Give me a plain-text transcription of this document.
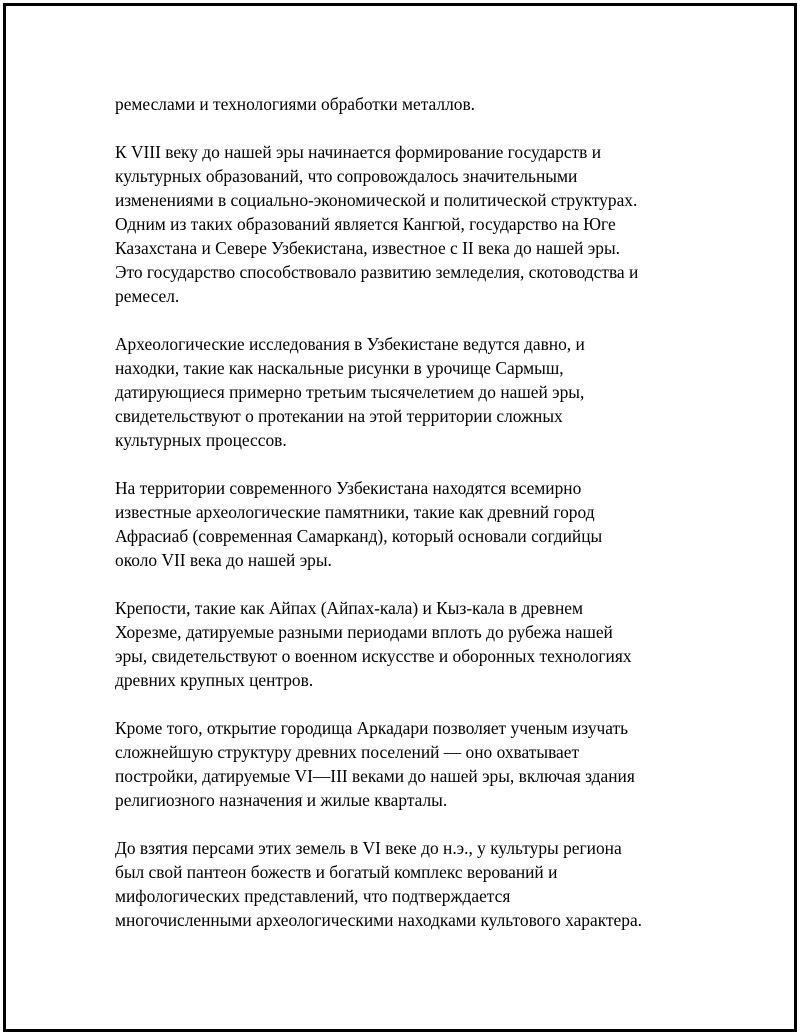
ремеслами и технологиями обработки металлов.

К VIII веку до нашей эры начинается формирование государств и
культурных образований, что сопровождалось значительными
изменениями в социально-экономической и политической структурах.
Одним из таких образований является Кангюй, государство на Юге
Казахстана и Севере Узбекистана, известное с II века до нашей эры.
Это государство способствовало развитию земледелия, скотоводства и
ремесел.

Археологические исследования в Узбекистане ведутся давно, и
находки, такие как наскальные рисунки в урочище Сармыш,
датирующиеся примерно третьим тысячелетием до нашей эры,
свидетельствуют о протекании на этой территории сложных
культурных процессов.

На территории современного Узбекистана находятся всемирно
известные археологические памятники, такие как древний город
Афрасиаб (современная Самарканд), который основали согдийцы
около VII века до нашей эры.

Крепости, такие как Айпах (Айпах-кала) и Кыз-кала в древнем
Хорезме, датируемые разными периодами вплоть до рубежа нашей
эры, свидетельствуют о военном искусстве и оборонных технологиях
древних крупных центров.

Кроме того, открытие городища Аркадари позволяет ученым изучать
сложнейшую структуру древних поселений — оно охватывает
постройки, датируемые VI—III веками до нашей эры, включая здания
религиозного назначения и жилые кварталы.

До взятия персами этих земель в VI веке до н.э., у культуры региона
был свой пантеон божеств и богатый комплекс верований и
мифологических представлений, что подтверждается
многочисленными археологическими находками культового характера.
